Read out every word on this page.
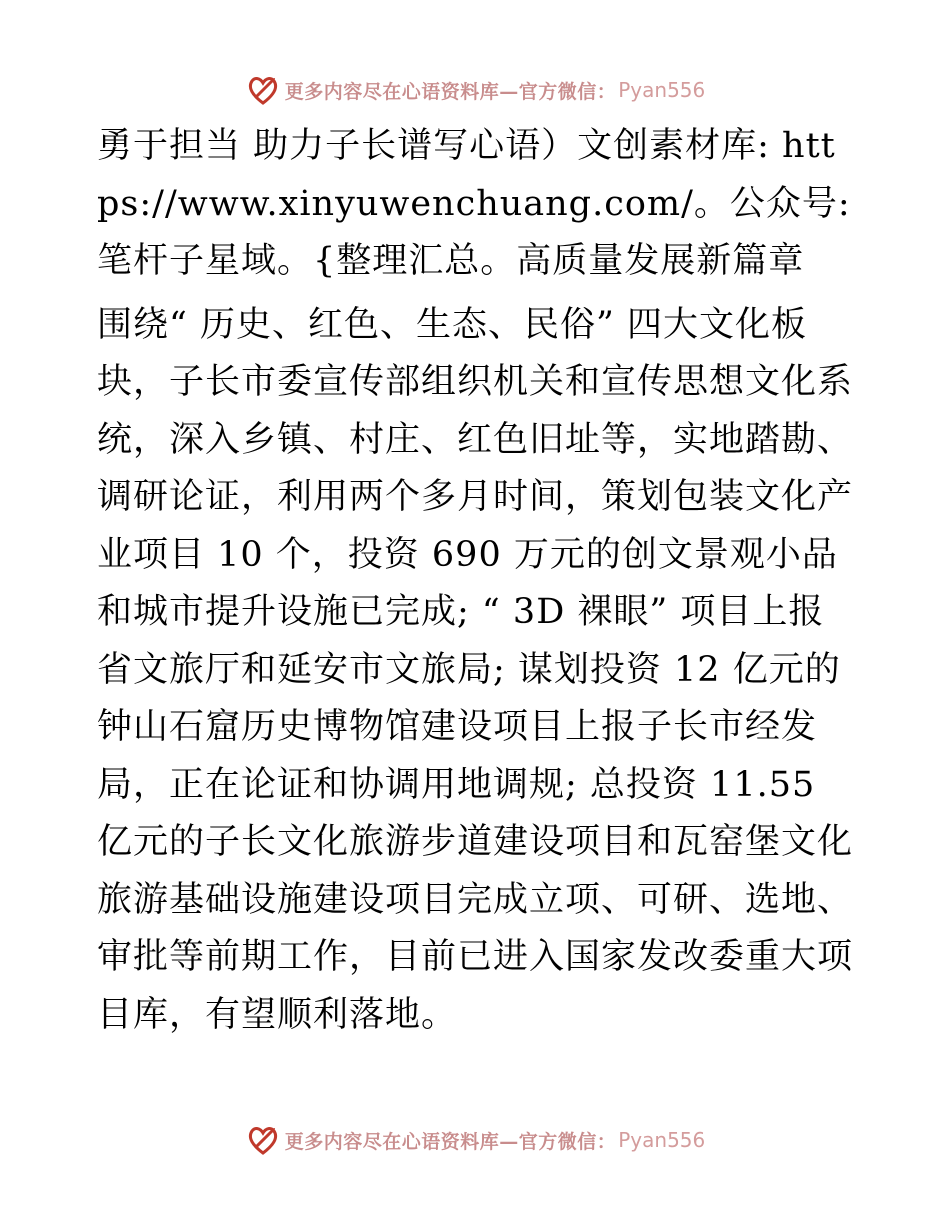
更多内容尽在心语资料库—官方微信： Pyan556

勇于担当 助力子长谱写心语）文创素材库: https://www.xinyuwenchuang.com/。公众号: 笔杆子星域。{整理汇总。高质量发展新篇章

围绕“ 历史、红色、生态、民俗” 四大文化板块，子长市委宣传部组织机关和宣传思想文化系统，深入乡镇、村庄、红色旧址等，实地踏勘、调研论证，利用两个多月时间，策划包装文化产业项目 10 个，投资 690 万元的创文景观小品和城市提升设施已完成; “ 3D 裸眼” 项目上报省文旅厅和延安市文旅局; 谋划投资 12 亿元的钟山石窟历史博物馆建设项目上报子长市经发局，正在论证和协调用地调规; 总投资 11.55 亿元的子长文化旅游步道建设项目和瓦窑堡文化旅游基础设施建设项目完成立项、可研、选地、审批等前期工作，目前已进入国家发改委重大项目库，有望顺利落地。

更多内容尽在心语资料库—官方微信： Pyan556
